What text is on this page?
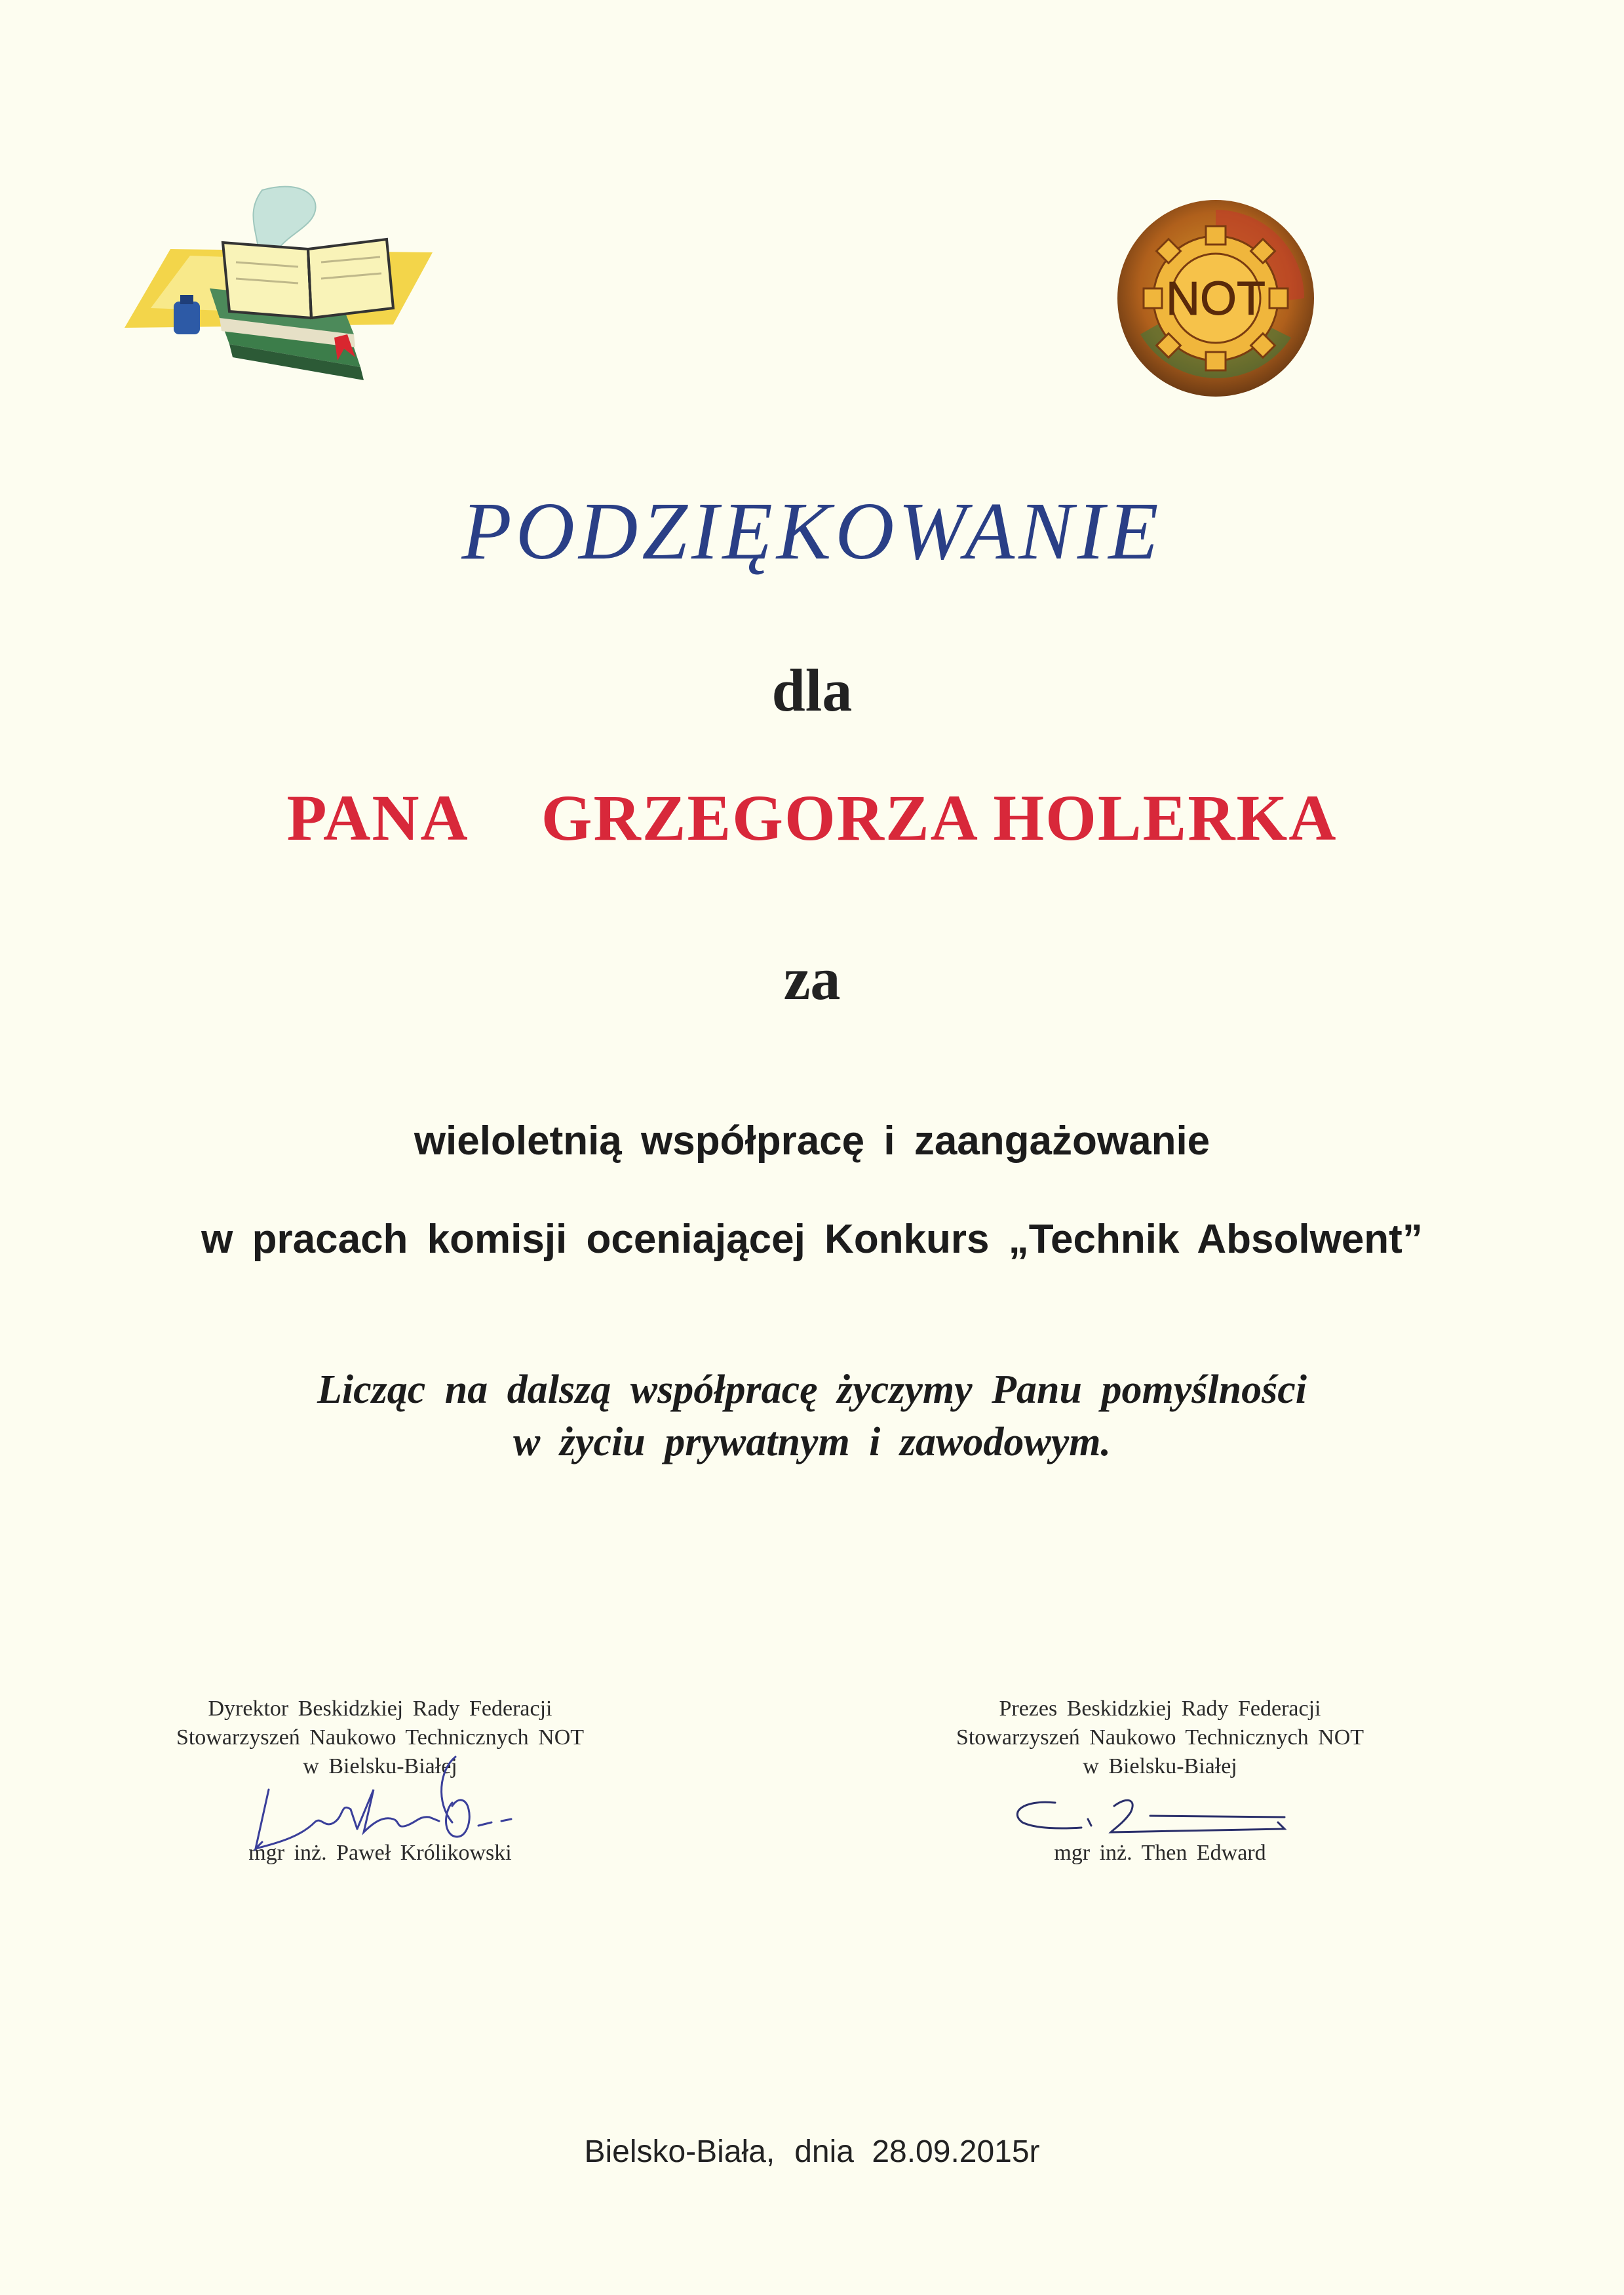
NOT
PODZIĘKOWANIE
dla
PANA GRZEGORZA HOLERKA
za
wieloletnią współpracę i zaangażowanie
w pracach komisji oceniającej Konkurs „Technik Absolwent”
Licząc na dalszą współpracę życzymy Panu pomyślności
w życiu prywatnym i zawodowym.
Dyrektor Beskidzkiej Rady Federacji
Stowarzyszeń Naukowo Technicznych NOT
w Bielsku-Białej
mgr inż. Paweł Królikowski
Prezes Beskidzkiej Rady Federacji
Stowarzyszeń Naukowo Technicznych NOT
w Bielsku-Białej
mgr inż. Then Edward
Bielsko-Biała, dnia 28.09.2015r
